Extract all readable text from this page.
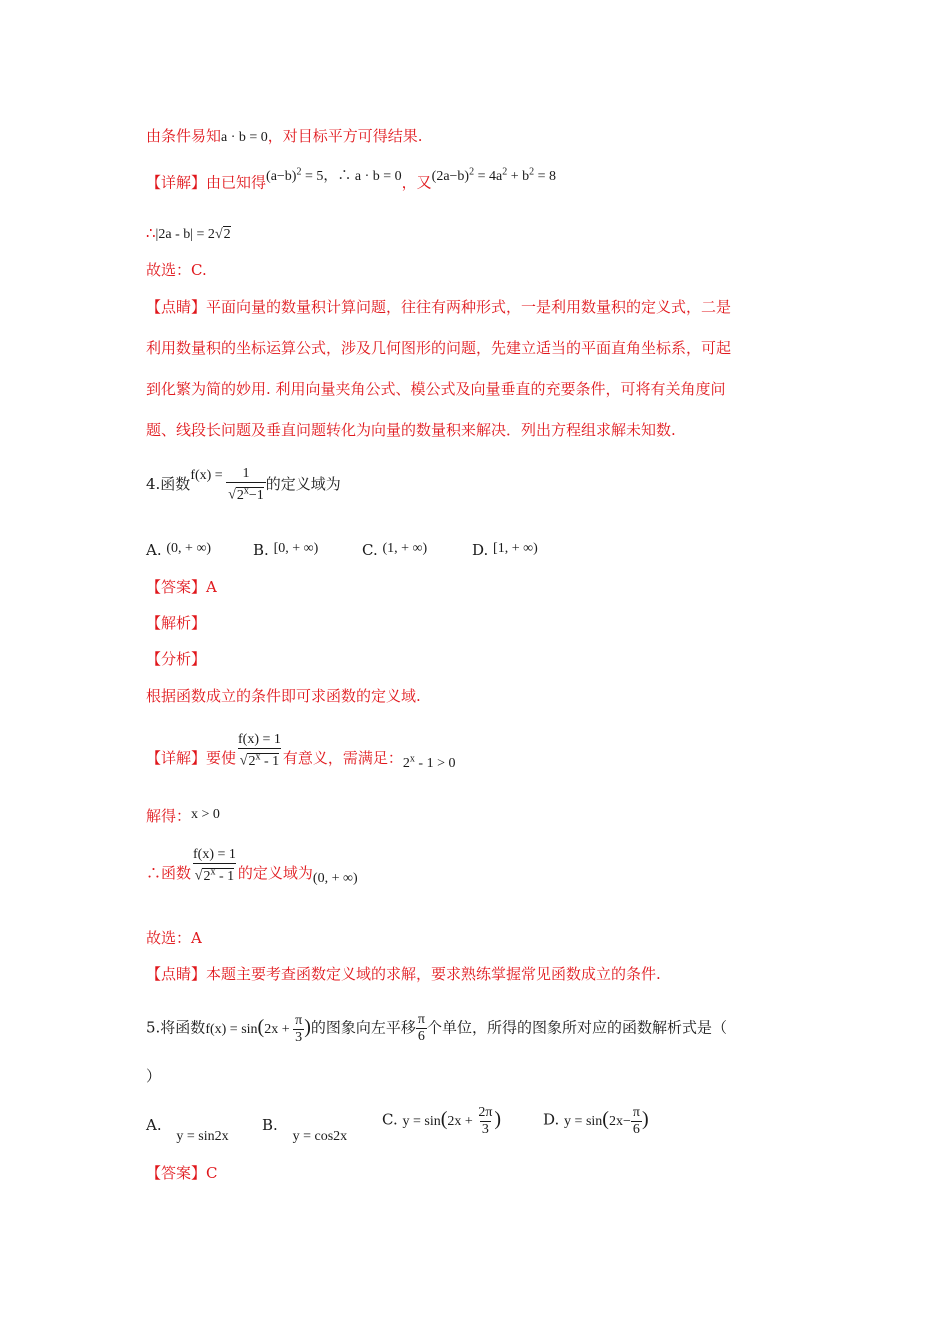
由条件易知a · b = 0，对目标平方可得结果.
【详解】由已知得$(a-b)^2 = 5$，∴ a · b = 0，又$(2a-b)^2 = 4a^2 + b^2 = 8$
∴|2a - b| = 2√2
故选：C.
【点睛】平面向量的数量积计算问题，往往有两种形式，一是利用数量积的定义式，二是
利用数量积的坐标运算公式，涉及几何图形的问题，先建立适当的平面直角坐标系，可起
到化繁为简的妙用. 利用向量夹角公式、模公式及向量垂直的充要条件，可将有关角度问
题、线段长问题及垂直问题转化为向量的数量积来解决．列出方程组求解未知数.
4.函数$f(x) = \frac{1}{√2^x-1}$ 的定义域为
A. (0, + ∞)	B. [0, + ∞)	C. (1, + ∞)	D. [1, + ∞)
【答案】A
【解析】
【分析】
根据函数成立的条件即可求函数的定义域.
【详解】要使 $\frac{f(x) = 1}{√2^x - 1}$ 有意义，需满足：2$^x$ - 1 > 0
解得：x > 0
∴函数 $\frac{f(x) = 1}{√2^x - 1}$ 的定义域为(0, + ∞)
故选：A
【点睛】本题主要考查函数定义域的求解，要求熟练掌握常见函数成立的条件.
5.将函数$f(x) = \sin(2x + \frac{\pi}{3}$ )的图象向左平移 $\frac{\pi}{6}$ 个单位，所得的图象所对应的函数解析式是（
）
A. y = sin2x
B. y = cos2x
C. $y = \sin(2x + \frac{2\pi}{3}$ )	D. $y = \sin(2x- \frac{\pi}{6}$ )
【答案】C
